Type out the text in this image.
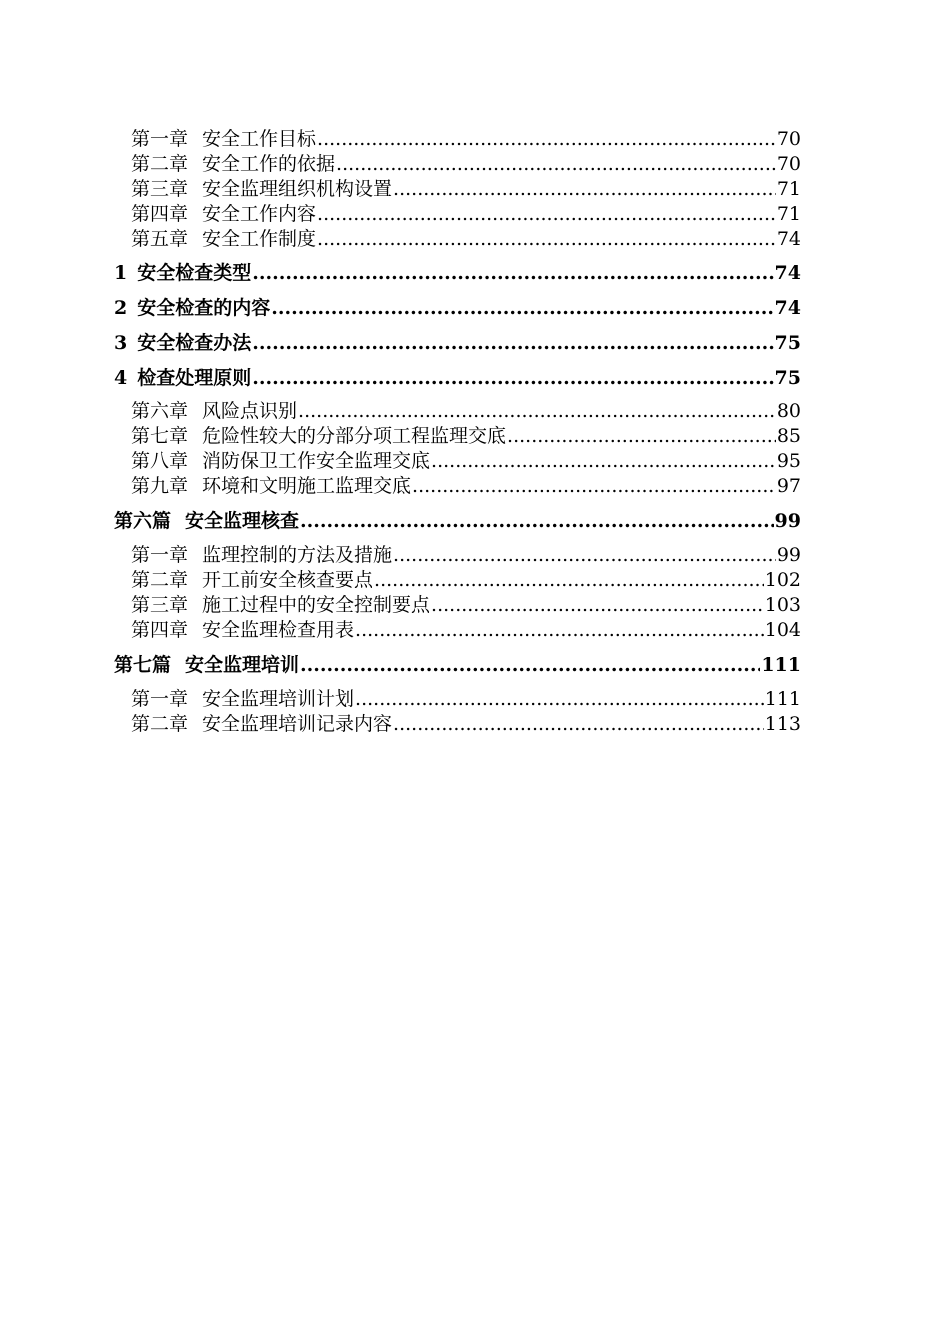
第一章 安全工作目标 .....	70
第二章 安全工作的依据 .....	70
第三章 安全监理组织机构设置 .....	71
第四章 安全工作内容 .....	71
第五章 安全工作制度 .....	74
1 安全检查类型 .....	74
2 安全检查的内容 .....	74
3 安全检查办法 .....	75
4 检查处理原则 .....	75
第六章 风险点识别 .....	80
第七章 危险性较大的分部分项工程监理交底 .....	85
第八章 消防保卫工作安全监理交底 .....	95
第九章 环境和文明施工监理交底 .....	97
第六篇 安全监理核查 .....	99
第一章 监理控制的方法及措施 .....	99
第二章 开工前安全核查要点 .....	102
第三章 施工过程中的安全控制要点 .....	103
第四章 安全监理检查用表 .....	104
第七篇 安全监理培训 .....	111
第一章 安全监理培训计划 .....	111
第二章 安全监理培训记录内容 .....	113
